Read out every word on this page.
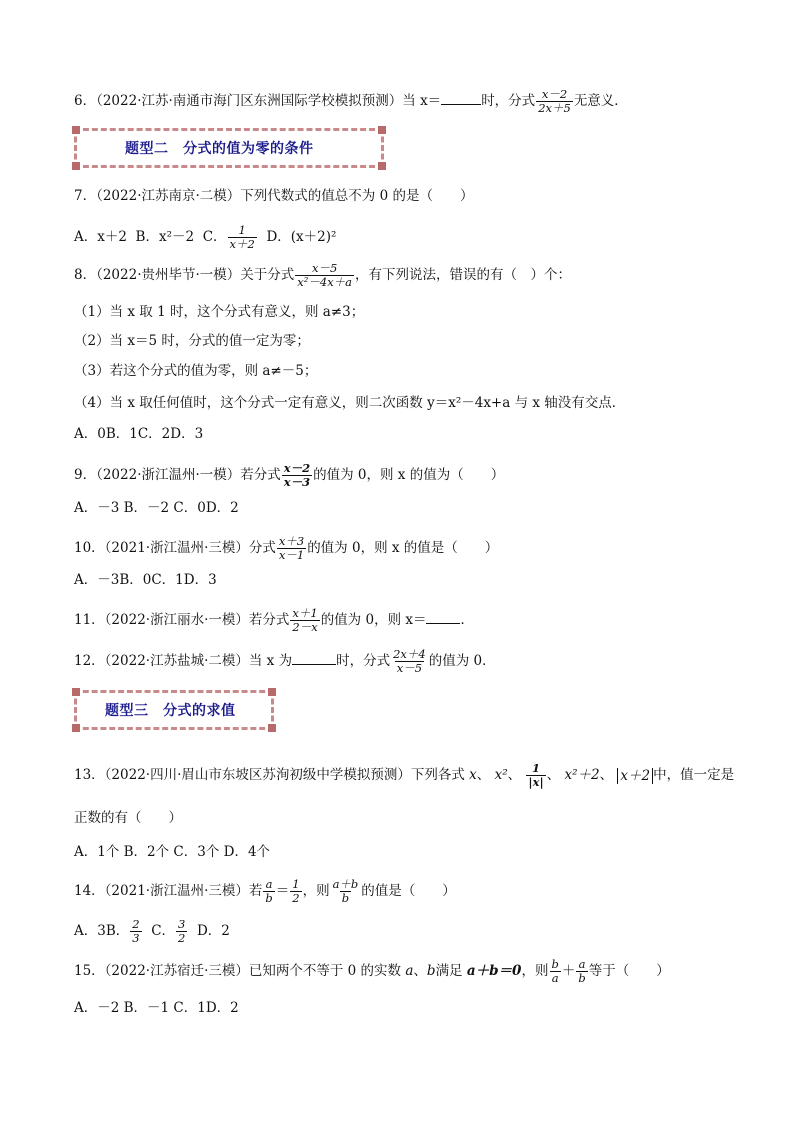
6．（2022·江苏·南通市海门区东洲国际学校模拟预测）当 x＝	时，分式 $\frac{x-2}{2x+5}$ 无意义．
题型二　分式的值为零的条件
7．（2022·江苏南京·二模）下列代数式的值总不为 0 的是（　　）
A．x＋2 B．x²－2 C． $\frac{1}{x+2}$ D．(x＋2)²
8．（2022·贵州毕节·一模）关于分式 $\frac{x-5}{\text{x²－4x＋a}}$ ，有下列说法，错误的有（　）个：
（1）当 x 取 1 时，这个分式有意义，则 a≠3；
（2）当 x＝5 时，分式的值一定为零；
（3）若这个分式的值为零，则 a≠－5；
（4）当 x 取任何值时，这个分式一定有意义，则二次函数 y＝x²－4x+a 与 x 轴没有交点．
A．0B．1C．2D．3
9．（2022·浙江温州·一模）若分式 $\frac{x-2}{x-3}$ 的值为 0，则 x 的值为（　　）
A．－3 B．－2 C．0D．2
10．（2021·浙江温州·三模）分式 $\frac{x+3}{x-1}$ 的值为 0，则 x 的值是（　　）
A．－3B．0C．1D．3
11．（2022·浙江丽水·一模）若分式 $\frac{x+1}{2-x}$ 的值为 0，则 x＝	．
12．（2022·江苏盐城·二模）当 x 为	时，分式 $\frac{2x+4}{x-5}$ 的值为 0．
题型三　分式的求值
13．（2022·四川·眉山市东坡区苏洵初级中学模拟预测）下列各式 x、 x²、 $\frac{1}{|x|}$ 、 x²＋2、 x＋2 中，值一定是
正数的有（　　）
A．1个 B．2个 C．3个 D．4个
14．（2021·浙江温州·三模）若 $\frac{a}{b} = \frac{1}{2}$ ，则 $\frac{a+b}{b}$ 的值是（　　）
A．3B． $\frac{2}{3}$ C． $\frac{3}{2}$ D．2
15．（2022·江苏宿迁·三模）已知两个不等于 0 的实数 a、b满足 a＋b＝0，则 $\frac{b}{a} + \frac{a}{b}$ 等于（　　）
A．－2 B．－1 C．1D．2
